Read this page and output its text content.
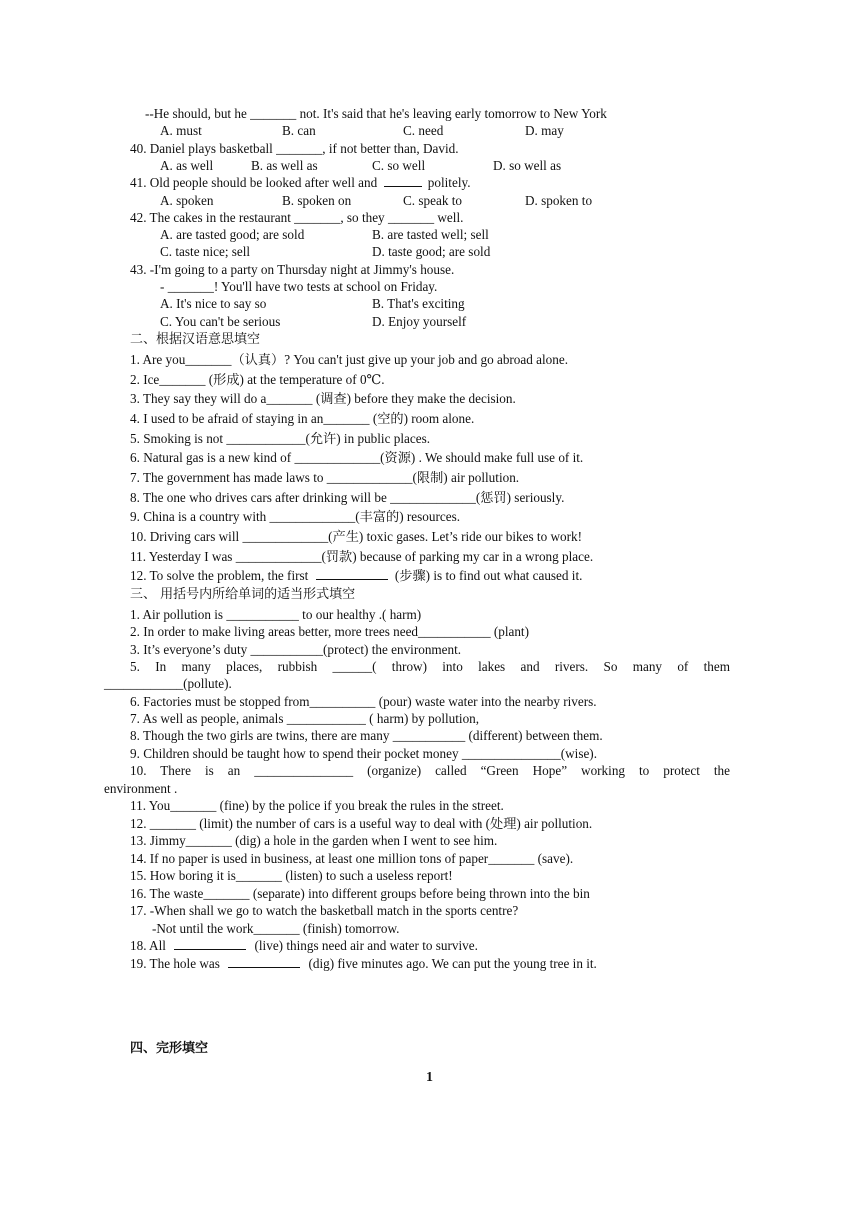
--He should, but he _______ not. It's said that he's leaving early tomorrow to New York
A. must	B. can	C. need	D. may
40. Daniel plays basketball _______, if not better than, David.
A. as well	B. as well as	C. so well	D. so well as
41. Old people should be looked after well and	politely.
A. spoken	B. spoken on	C. speak to	D. spoken to
42. The cakes in the restaurant _______, so they _______ well.
A. are tasted good; are sold	B. are tasted well; sell
C. taste nice; sell	D. taste good; are sold
43. -I'm going to a party on Thursday night at Jimmy's house.
- _______! You'll have two tests at school on Friday.
A. It's nice to say so	B. That's exciting
C. You can't be serious	D. Enjoy yourself
二、根据汉语意思填空
1. Are you_______（认真）? You can't just give up your job and go abroad alone.
2. Ice_______ (形成) at the temperature of 0℃.
3. They say they will do a_______ (调查) before they make the decision.
4. I used to be afraid of staying in an_______ (空的) room alone.
5. Smoking is not ____________(允许) in public places.
6. Natural gas is a new kind of _____________(资源) . We should make full use of it.
7. The government has made laws to _____________(限制) air pollution.
8. The one who drives cars after drinking will be _____________(惩罚) seriously.
9. China is a country with _____________(丰富的) resources.
10. Driving cars will _____________(产生) toxic gases. Let’s ride our bikes to work!
11. Yesterday I was _____________(罚款) because of parking my car in a wrong place.
12. To solve the problem, the first	(步骤) is to find out what caused it.
三、 用括号内所给单词的适当形式填空
1. Air pollution is ___________ to our healthy .( harm)
2. In order to make living areas better, more trees need___________ (plant)
3. It’s everyone’s duty ___________(protect) the environment.
5. In many places, rubbish ______( throw) into lakes and rivers. So many of them
____________(pollute).
6. Factories must be stopped from__________ (pour) waste water into the nearby rivers.
7. As well as people, animals ____________ ( harm) by pollution,
8. Though the two girls are twins, there are many ___________ (different) between them.
9. Children should be taught how to spend their pocket money _______________(wise).
10. There is an _______________ (organize) called “Green Hope” working to protect the
environment .
11. You_______ (fine) by the police if you break the rules in the street.
12. _______ (limit) the number of cars is a useful way to deal with (处理) air pollution.
13. Jimmy_______ (dig) a hole in the garden when I went to see him.
14. If no paper is used in business, at least one million tons of paper_______ (save).
15. How boring it is_______ (listen) to such a useless report!
16. The waste_______ (separate) into different groups before being thrown into the bin
17. -When shall we go to watch the basketball match in the sports centre?
-Not until the work_______ (finish) tomorrow.
18. All	(live) things need air and water to survive.
19. The hole was	(dig) five minutes ago. We can put the young tree in it.
四、完形填空
1
